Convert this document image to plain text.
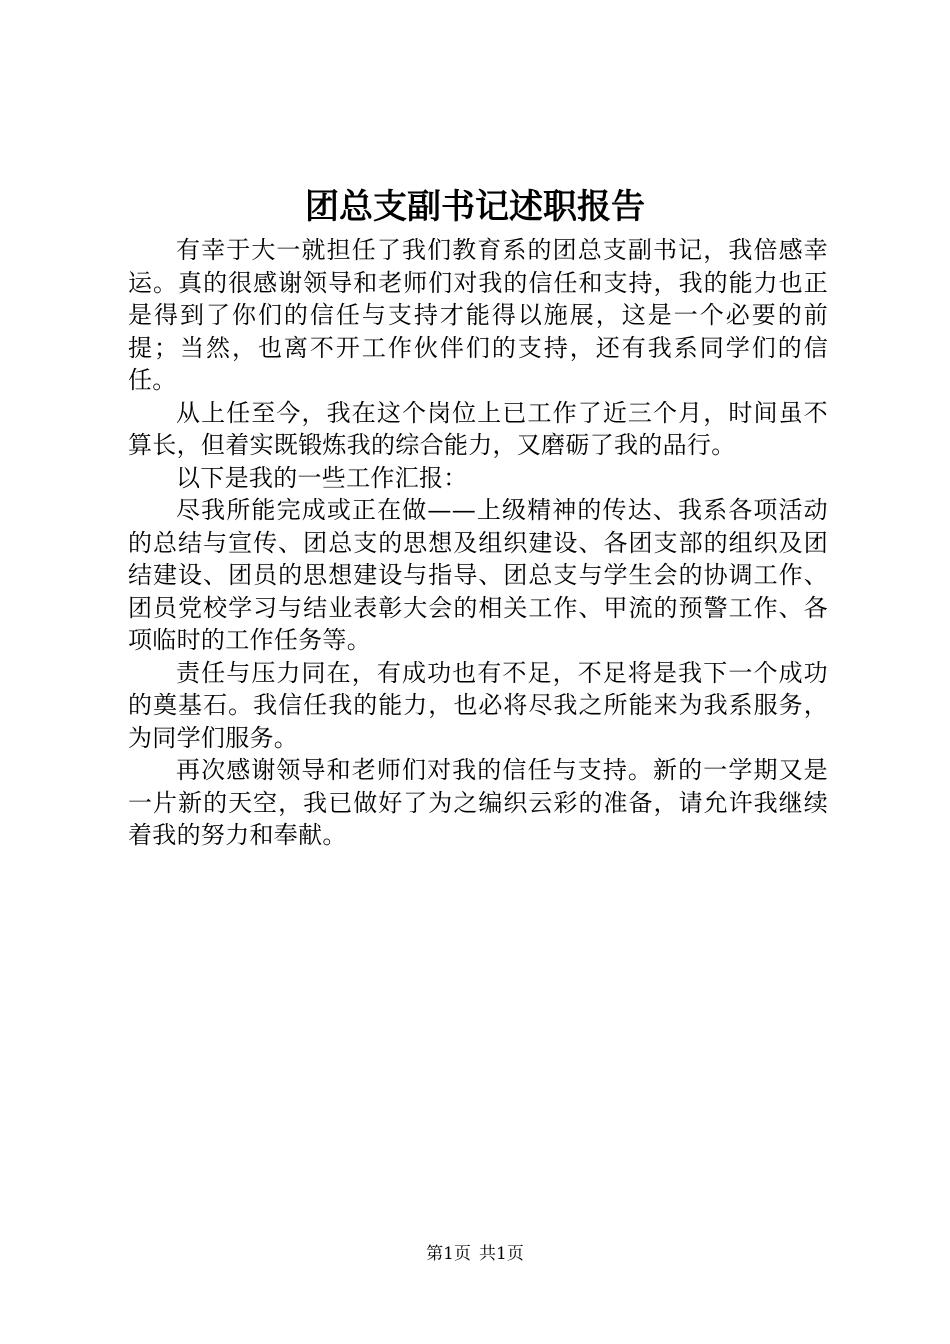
团总支副书记述职报告

有幸于大一就担任了我们教育系的团总支副书记，我倍感幸运。真的很感谢领导和老师们对我的信任和支持，我的能力也正是得到了你们的信任与支持才能得以施展，这是一个必要的前提；当然，也离不开工作伙伴们的支持，还有我系同学们的信任。

从上任至今，我在这个岗位上已工作了近三个月，时间虽不算长，但着实既锻炼我的综合能力，又磨砺了我的品行。

以下是我的一些工作汇报：

尽我所能完成或正在做——上级精神的传达、我系各项活动的总结与宣传、团总支的思想及组织建设、各团支部的组织及团结建设、团员的思想建设与指导、团总支与学生会的协调工作、团员党校学习与结业表彰大会的相关工作、甲流的预警工作、各项临时的工作任务等。

责任与压力同在，有成功也有不足，不足将是我下一个成功的奠基石。我信任我的能力，也必将尽我之所能来为我系服务，为同学们服务。

再次感谢领导和老师们对我的信任与支持。新的一学期又是一片新的天空，我已做好了为之编织云彩的准备，请允许我继续着我的努力和奉献。

第1页 共1页
